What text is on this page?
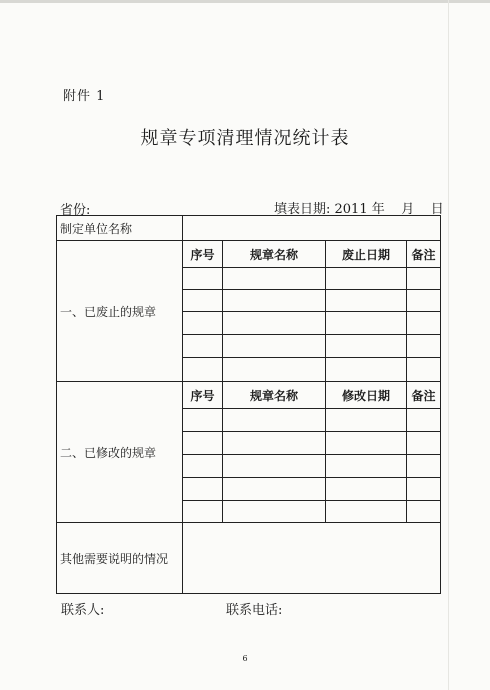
附件 1
规章专项清理情况统计表
省份:	填表日期: 2011 年    月    日
制定单位名称				
一、已废止的规章	序号	规章名称	废止日期	备注

二、已修改的规章	序号	规章名称	修改日期	备注

其他需要说明的情况				
联系人:	联系电话:
6
